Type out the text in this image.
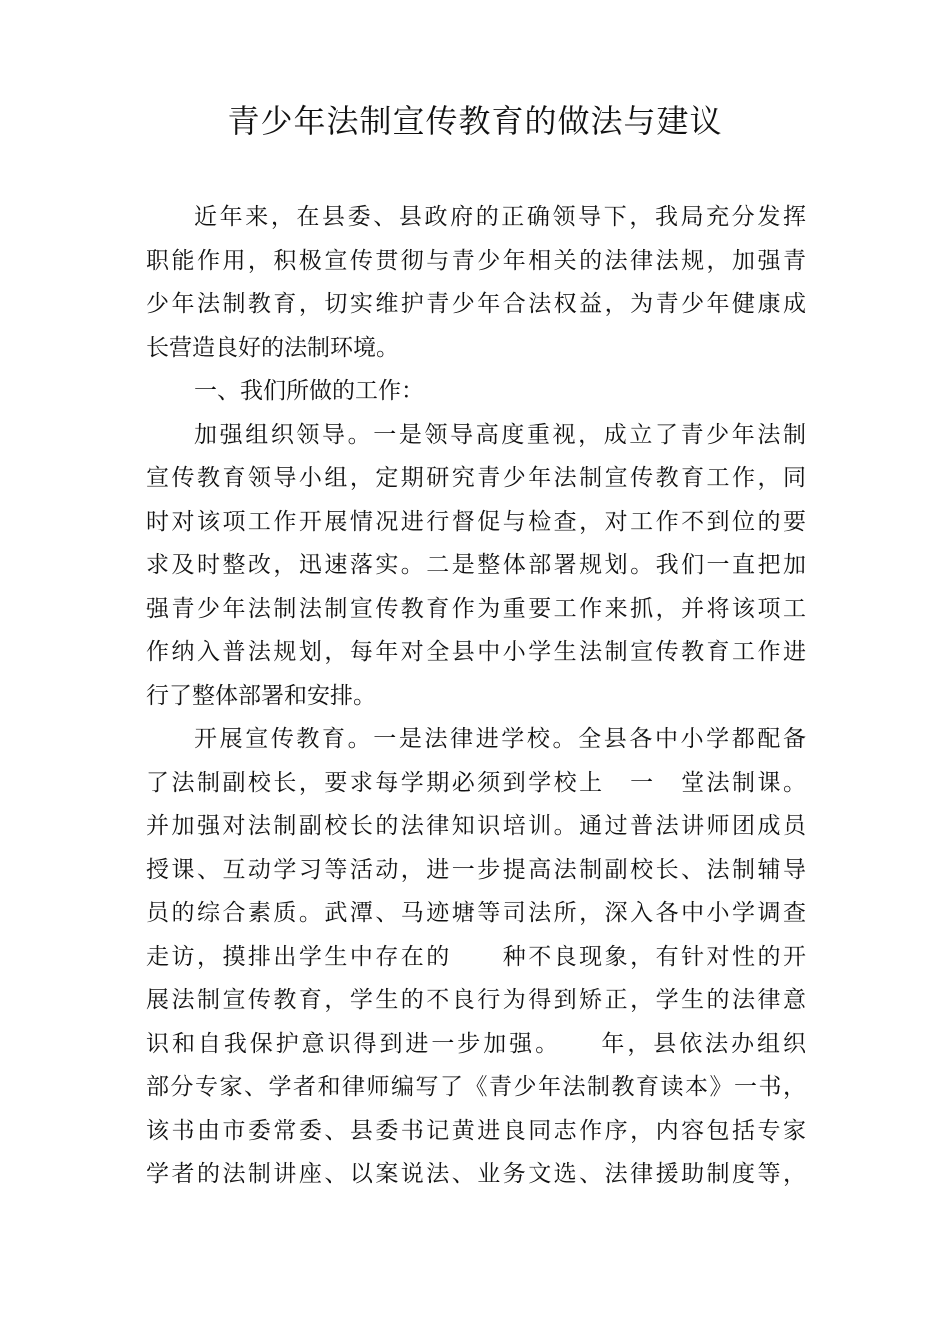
青少年法制宣传教育的做法与建议
近年来，在县委、县政府的正确领导下，我局充分发挥
职能作用，积极宣传贯彻与青少年相关的法律法规，加强青
少年法制教育，切实维护青少年合法权益，为青少年健康成
长营造良好的法制环境。
一、我们所做的工作：
加强组织领导。一是领导高度重视，成立了青少年法制
宣传教育领导小组，定期研究青少年法制宣传教育工作，同
时对该项工作开展情况进行督促与检查，对工作不到位的要
求及时整改，迅速落实。二是整体部署规划。我们一直把加
强青少年法制法制宣传教育作为重要工作来抓，并将该项工
作纳入普法规划，每年对全县中小学生法制宣传教育工作进
行了整体部署和安排。
开展宣传教育。一是法律进学校。全县各中小学都配备
了法制副校长，要求每学期必须到学校上　一　堂法制课。
并加强对法制副校长的法律知识培训。通过普法讲师团成员
授课、互动学习等活动，进一步提高法制副校长、法制辅导
员的综合素质。武潭、马迹塘等司法所，深入各中小学调查
走访，摸排出学生中存在的　　种不良现象，有针对性的开
展法制宣传教育，学生的不良行为得到矫正，学生的法律意
识和自我保护意识得到进一步加强。　　年，县依法办组织
部分专家、学者和律师编写了《青少年法制教育读本》一书，
该书由市委常委、县委书记黄进良同志作序，内容包括专家
学者的法制讲座、以案说法、业务文选、法律援助制度等，
